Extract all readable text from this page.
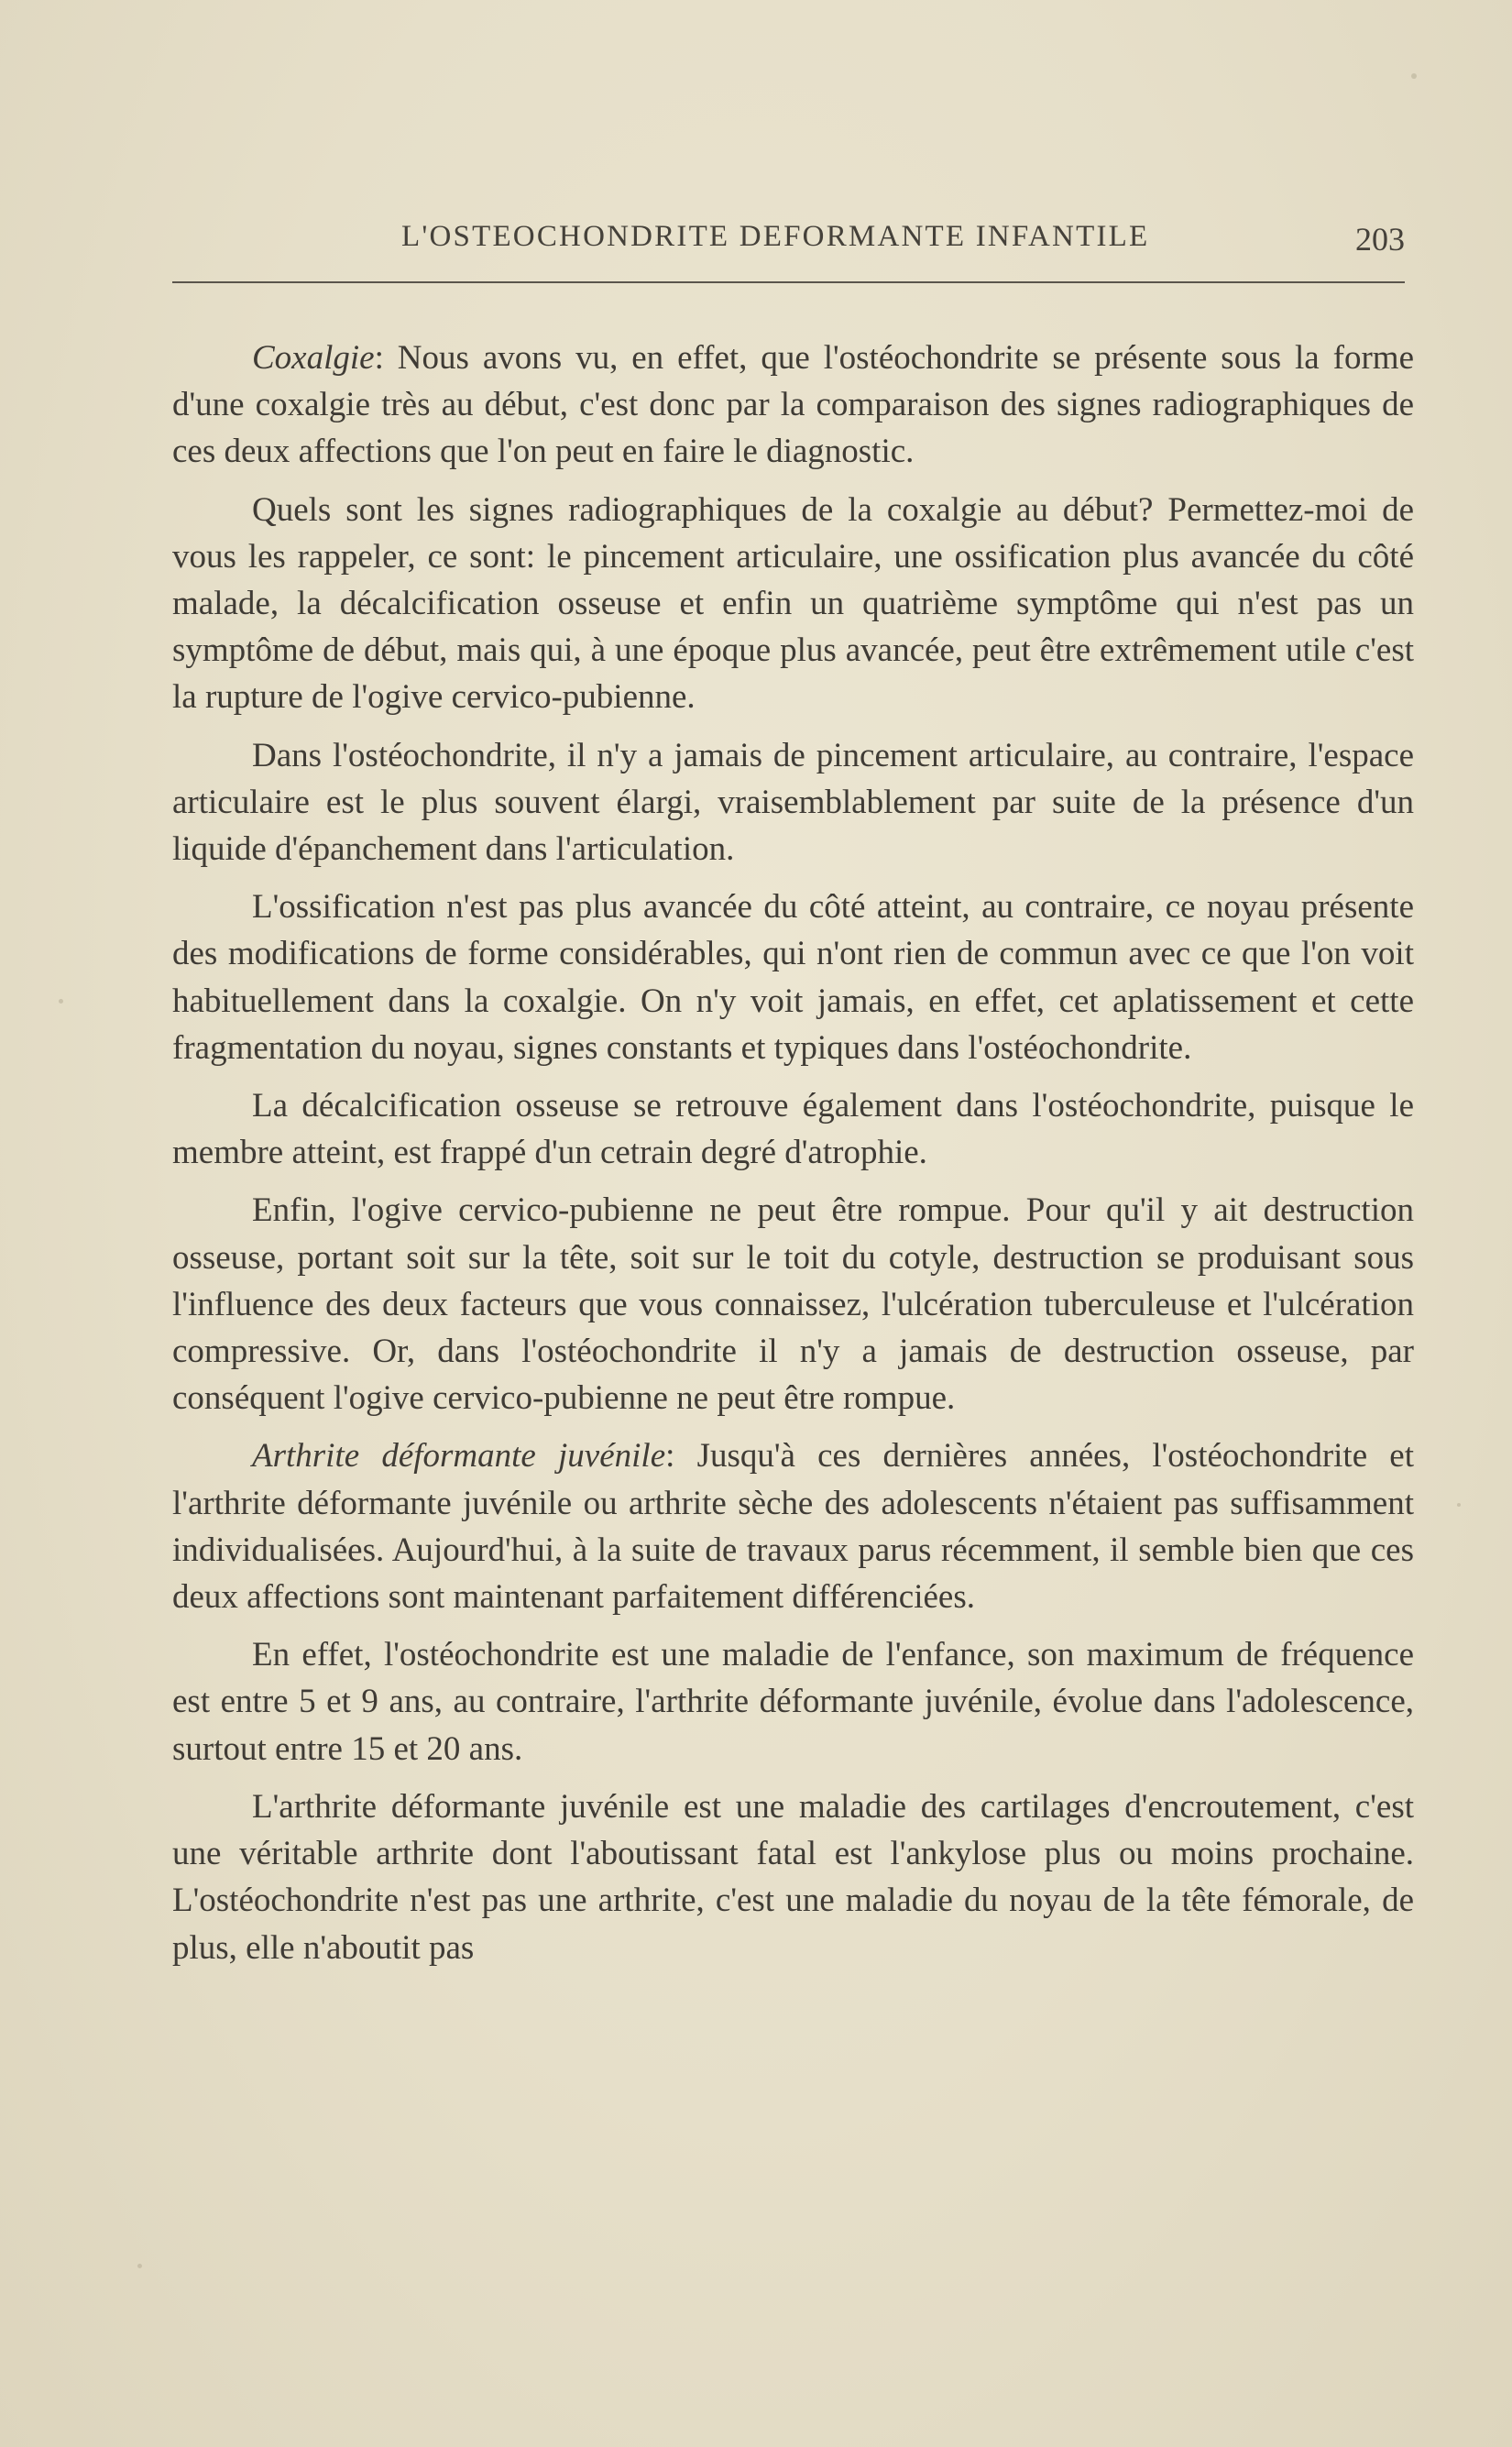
L'OSTEOCHONDRITE DEFORMANTE INFANTILE	203

Coxalgie: Nous avons vu, en effet, que l'ostéochondrite se présente sous la forme d'une coxalgie très au début, c'est donc par la comparaison des signes radiographiques de ces deux affections que l'on peut en faire le diagnostic.

Quels sont les signes radiographiques de la coxalgie au début? Permettez-moi de vous les rappeler, ce sont: le pincement articulaire, une ossification plus avancée du côté malade, la décalcification osseuse et enfin un quatrième symptôme qui n'est pas un symptôme de début, mais qui, à une époque plus avancée, peut être extrêmement utile c'est la rupture de l'ogive cervico-pubienne.

Dans l'ostéochondrite, il n'y a jamais de pincement articulaire, au contraire, l'espace articulaire est le plus souvent élargi, vraisemblablement par suite de la présence d'un liquide d'épanchement dans l'articulation.

L'ossification n'est pas plus avancée du côté atteint, au contraire, ce noyau présente des modifications de forme considérables, qui n'ont rien de commun avec ce que l'on voit habituellement dans la coxalgie. On n'y voit jamais, en effet, cet aplatissement et cette fragmentation du noyau, signes constants et typiques dans l'ostéochondrite.

La décalcification osseuse se retrouve également dans l'ostéochondrite, puisque le membre atteint, est frappé d'un cetrain degré d'atrophie.

Enfin, l'ogive cervico-pubienne ne peut être rompue. Pour qu'il y ait destruction osseuse, portant soit sur la tête, soit sur le toit du cotyle, destruction se produisant sous l'influence des deux facteurs que vous connaissez, l'ulcération tuberculeuse et l'ulcération compressive. Or, dans l'ostéochondrite il n'y a jamais de destruction osseuse, par conséquent l'ogive cervico-pubienne ne peut être rompue.

Arthrite déformante juvénile: Jusqu'à ces dernières années, l'ostéochondrite et l'arthrite déformante juvénile ou arthrite sèche des adolescents n'étaient pas suffisamment individualisées. Aujourd'hui, à la suite de travaux parus récemment, il semble bien que ces deux affections sont maintenant parfaitement différenciées.

En effet, l'ostéochondrite est une maladie de l'enfance, son maximum de fréquence est entre 5 et 9 ans, au contraire, l'arthrite déformante juvénile, évolue dans l'adolescence, surtout entre 15 et 20 ans.

L'arthrite déformante juvénile est une maladie des cartilages d'encroutement, c'est une véritable arthrite dont l'aboutissant fatal est l'ankylose plus ou moins prochaine. L'ostéochondrite n'est pas une arthrite, c'est une maladie du noyau de la tête fémorale, de plus, elle n'aboutit pas
